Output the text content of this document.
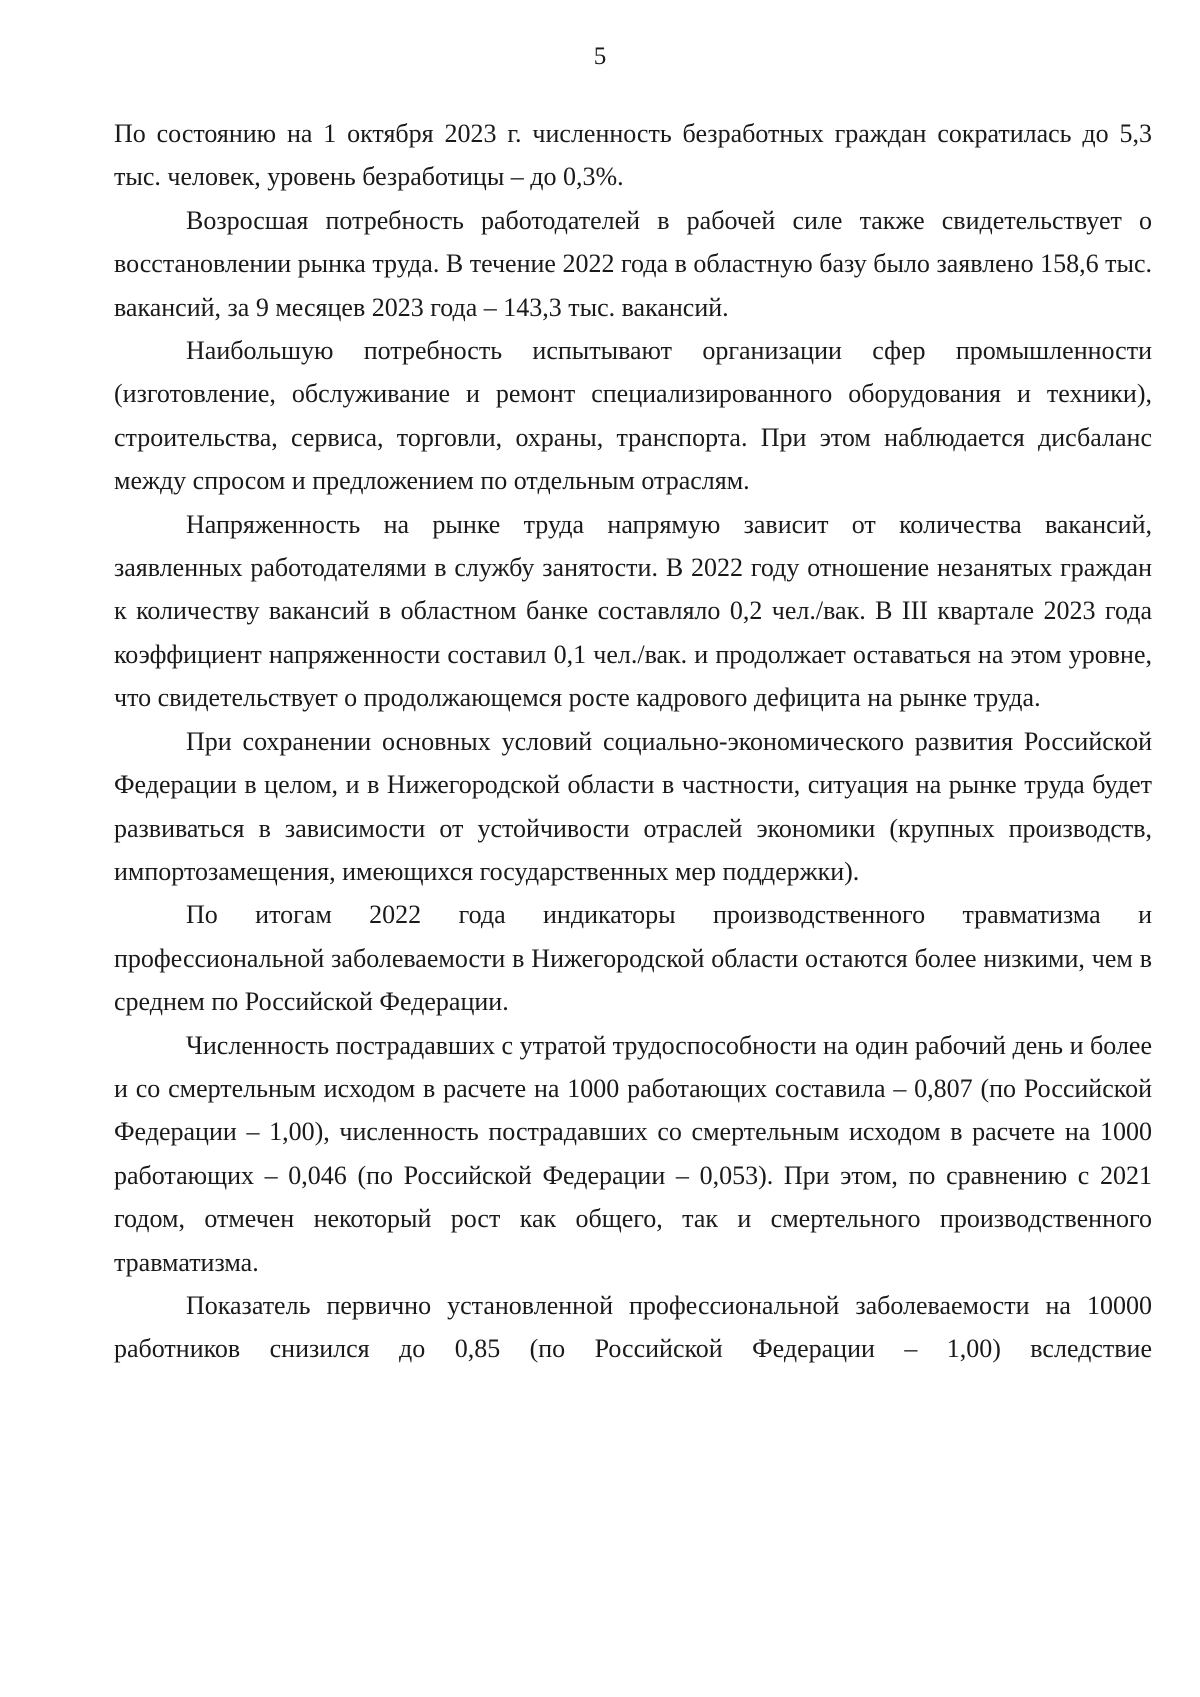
5

По состоянию на 1 октября 2023 г. численность безработных граждан сократилась до 5,3 тыс. человек, уровень безработицы – до 0,3%.

Возросшая потребность работодателей в рабочей силе также свидетельствует о восстановлении рынка труда. В течение 2022 года в областную базу было заявлено 158,6 тыс. вакансий, за 9 месяцев 2023 года – 143,3 тыс. вакансий.

Наибольшую потребность испытывают организации сфер промышленности (изготовление, обслуживание и ремонт специализированного оборудования и техники), строительства, сервиса, торговли, охраны, транспорта. При этом наблюдается дисбаланс между спросом и предложением по отдельным отраслям.

Напряженность на рынке труда напрямую зависит от количества вакансий, заявленных работодателями в службу занятости. В 2022 году отношение незанятых граждан к количеству вакансий в областном банке составляло 0,2 чел./вак. В III квартале 2023 года коэффициент напряженности составил 0,1 чел./вак. и продолжает оставаться на этом уровне, что свидетельствует о продолжающемся росте кадрового дефицита на рынке труда.

При сохранении основных условий социально-экономического развития Российской Федерации в целом, и в Нижегородской области в частности, ситуация на рынке труда будет развиваться в зависимости от устойчивости отраслей экономики (крупных производств, импортозамещения, имеющихся государственных мер поддержки).

По итогам 2022 года индикаторы производственного травматизма и профессиональной заболеваемости в Нижегородской области остаются более низкими, чем в среднем по Российской Федерации.

Численность пострадавших с утратой трудоспособности на один рабочий день и более и со смертельным исходом в расчете на 1000 работающих составила – 0,807 (по Российской Федерации – 1,00), численность пострадавших со смертельным исходом в расчете на 1000 работающих – 0,046 (по Российской Федерации – 0,053). При этом, по сравнению с 2021 годом, отмечен некоторый рост как общего, так и смертельного производственного травматизма.

Показатель первично установленной профессиональной заболеваемости на 10000 работников снизился до 0,85 (по Российской Федерации – 1,00) вследствие
